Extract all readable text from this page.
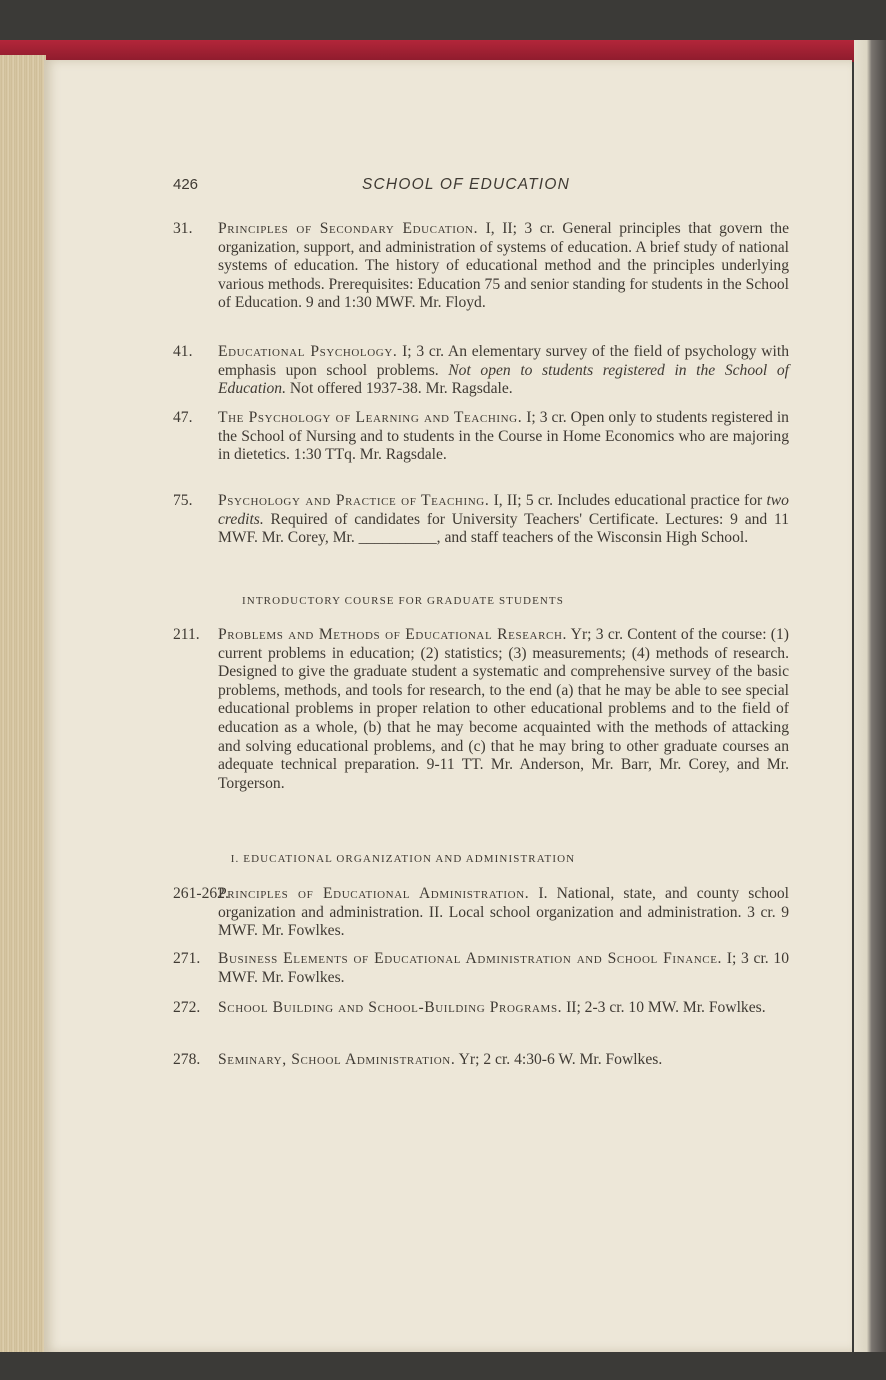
426	SCHOOL OF EDUCATION
31. Principles of Secondary Education. I, II; 3 cr. General principles that govern the organization, support, and administration of systems of education. A brief study of national systems of education. The history of educational method and the principles underlying various methods. Prerequisites: Education 75 and senior standing for students in the School of Education. 9 and 1:30 MWF. Mr. Floyd.
41. Educational Psychology. I; 3 cr. An elementary survey of the field of psychology with emphasis upon school problems. Not open to students registered in the School of Education. Not offered 1937-38. Mr. Ragsdale.
47. The Psychology of Learning and Teaching. I; 3 cr. Open only to students registered in the School of Nursing and to students in the Course in Home Economics who are majoring in dietetics. 1:30 TTq. Mr. Ragsdale.
75. Psychology and Practice of Teaching. I, II; 5 cr. Includes educational practice for two credits. Required of candidates for University Teachers' Certificate. Lectures: 9 and 11 MWF. Mr. Corey, Mr. __________, and staff teachers of the Wisconsin High School.
INTRODUCTORY COURSE FOR GRADUATE STUDENTS
211. Problems and Methods of Educational Research. Yr; 3 cr. Content of the course: (1) current problems in education; (2) statistics; (3) measurements; (4) methods of research. Designed to give the graduate student a systematic and comprehensive survey of the basic problems, methods, and tools for research, to the end (a) that he may be able to see special educational problems in proper relation to other educational problems and to the field of education as a whole, (b) that he may become acquainted with the methods of attacking and solving educational problems, and (c) that he may bring to other graduate courses an adequate technical preparation. 9-11 TT. Mr. Anderson, Mr. Barr, Mr. Corey, and Mr. Torgerson.
I. EDUCATIONAL ORGANIZATION AND ADMINISTRATION
261-262.
Principles of Educational Administration. I. National, state, and county school organization and administration. II. Local school organization and administration. 3 cr. 9 MWF. Mr. Fowlkes.
271. Business Elements of Educational Administration and School Finance. I; 3 cr. 10 MWF. Mr. Fowlkes.
272. School Building and School-Building Programs. II; 2-3 cr. 10 MW. Mr. Fowlkes.
278. Seminary, School Administration. Yr; 2 cr. 4:30-6 W. Mr. Fowlkes.
